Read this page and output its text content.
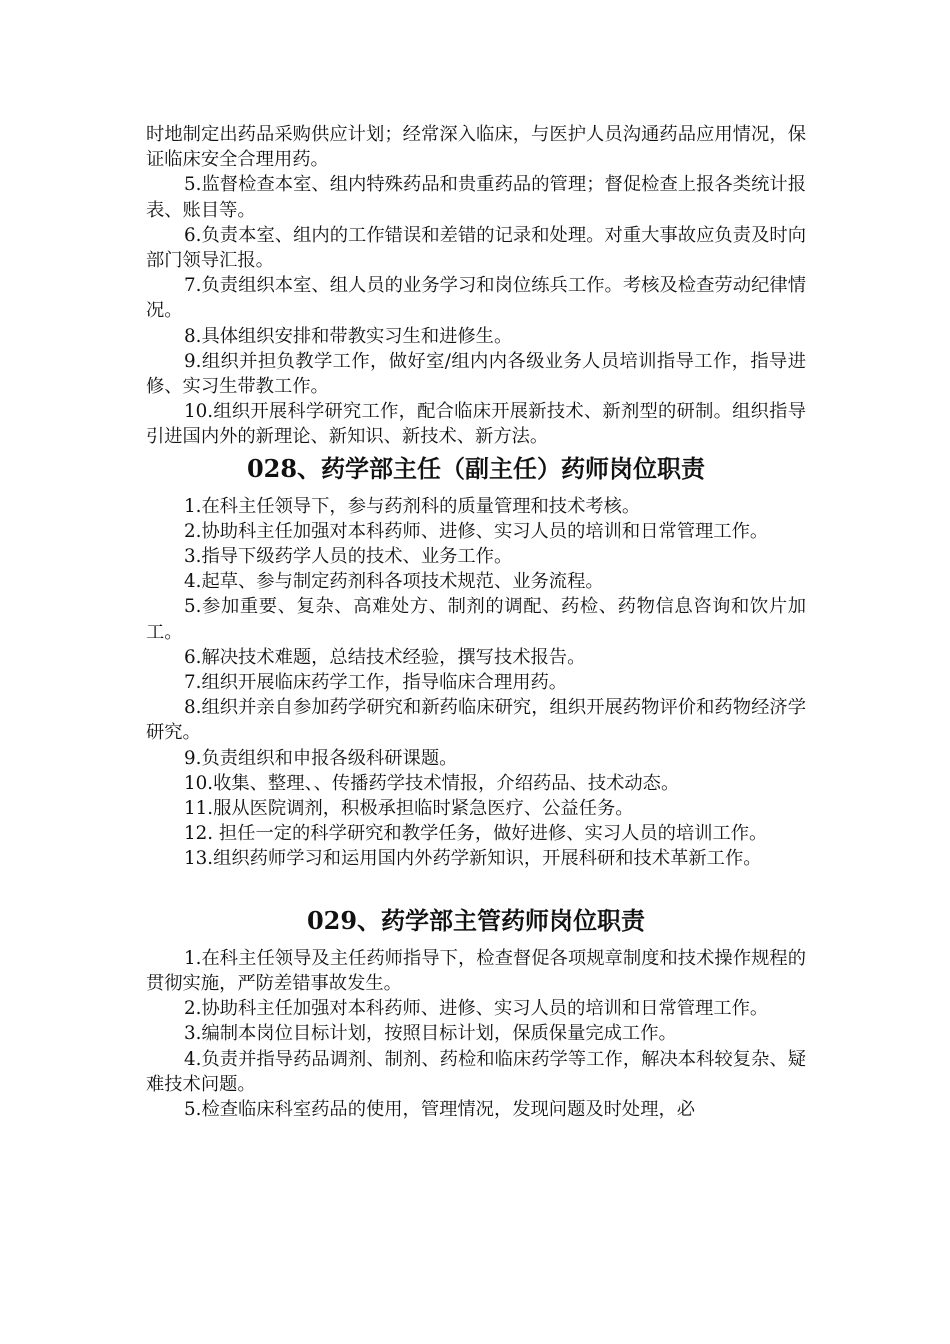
时地制定出药品采购供应计划；经常深入临床，与医护人员沟通药品应用情况，保证临床安全合理用药。

5.监督检查本室、组内特殊药品和贵重药品的管理；督促检查上报各类统计报表、账目等。

6.负责本室、组内的工作错误和差错的记录和处理。对重大事故应负责及时向部门领导汇报。

7.负责组织本室、组人员的业务学习和岗位练兵工作。考核及检查劳动纪律情况。

8.具体组织安排和带教实习生和进修生。

9.组织并担负教学工作，做好室/组内内各级业务人员培训指导工作，指导进修、实习生带教工作。

10.组织开展科学研究工作，配合临床开展新技术、新剂型的研制。组织指导引进国内外的新理论、新知识、新技术、新方法。

028、药学部主任（副主任）药师岗位职责

1.在科主任领导下，参与药剂科的质量管理和技术考核。

2.协助科主任加强对本科药师、进修、实习人员的培训和日常管理工作。

3.指导下级药学人员的技术、业务工作。

4.起草、参与制定药剂科各项技术规范、业务流程。

5.参加重要、复杂、高难处方、制剂的调配、药检、药物信息咨询和饮片加工。

6.解决技术难题，总结技术经验，撰写技术报告。

7.组织开展临床药学工作，指导临床合理用药。

8.组织并亲自参加药学研究和新药临床研究，组织开展药物评价和药物经济学研究。

9.负责组织和申报各级科研课题。

10.收集、整理、、传播药学技术情报，介绍药品、技术动态。

11.服从医院调剂，积极承担临时紧急医疗、公益任务。

12. 担任一定的科学研究和教学任务，做好进修、实习人员的培训工作。

13.组织药师学习和运用国内外药学新知识，开展科研和技术革新工作。

029、药学部主管药师岗位职责

1.在科主任领导及主任药师指导下，检查督促各项规章制度和技术操作规程的贯彻实施，严防差错事故发生。

2.协助科主任加强对本科药师、进修、实习人员的培训和日常管理工作。

3.编制本岗位目标计划，按照目标计划，保质保量完成工作。

4.负责并指导药品调剂、制剂、药检和临床药学等工作，解决本科较复杂、疑难技术问题。

5.检查临床科室药品的使用，管理情况，发现问题及时处理，必
